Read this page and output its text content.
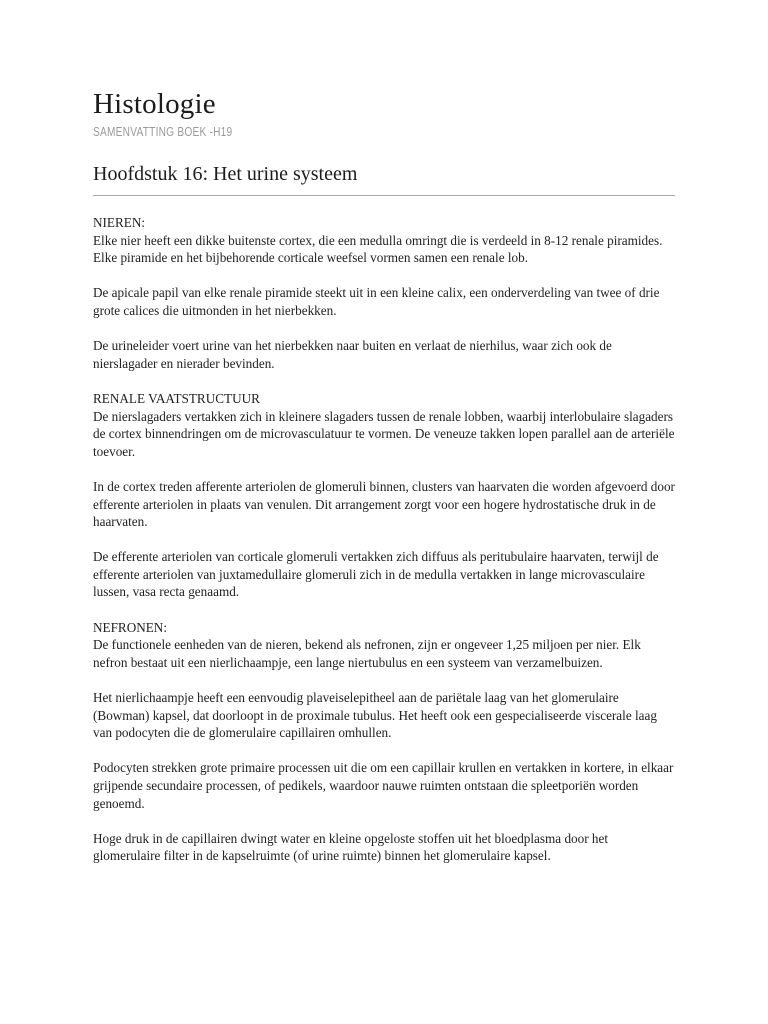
Histologie
SAMENVATTING BOEK -H19
Hoofdstuk 16: Het urine systeem
NIEREN:
Elke nier heeft een dikke buitenste cortex, die een medulla omringt die is verdeeld in 8-12 renale piramides. Elke piramide en het bijbehorende corticale weefsel vormen samen een renale lob.
De apicale papil van elke renale piramide steekt uit in een kleine calix, een onderverdeling van twee of drie grote calices die uitmonden in het nierbekken.
De urineleider voert urine van het nierbekken naar buiten en verlaat de nierhilus, waar zich ook de nierslagader en nierader bevinden.
RENALE VAATSTRUCTUUR
De nierslagaders vertakken zich in kleinere slagaders tussen de renale lobben, waarbij interlobulaire slagaders de cortex binnendringen om de microvasculatuur te vormen. De veneuze takken lopen parallel aan de arteriële toevoer.
In de cortex treden afferente arteriolen de glomeruli binnen, clusters van haarvaten die worden afgevoerd door efferente arteriolen in plaats van venulen. Dit arrangement zorgt voor een hogere hydrostatische druk in de haarvaten.
De efferente arteriolen van corticale glomeruli vertakken zich diffuus als peritubulaire haarvaten, terwijl de efferente arteriolen van juxtamedullaire glomeruli zich in de medulla vertakken in lange microvasculaire lussen, vasa recta genaamd.
NEFRONEN:
De functionele eenheden van de nieren, bekend als nefronen, zijn er ongeveer 1,25 miljoen per nier. Elk nefron bestaat uit een nierlichaampje, een lange niertubulus en een systeem van verzamelbuizen.
Het nierlichaampje heeft een eenvoudig plaveiselepitheel aan de pariëtale laag van het glomerulaire (Bowman) kapsel, dat doorloopt in de proximale tubulus. Het heeft ook een gespecialiseerde viscerale laag van podocyten die de glomerulaire capillairen omhullen.
Podocyten strekken grote primaire processen uit die om een capillair krullen en vertakken in kortere, in elkaar grijpende secundaire processen, of pedikels, waardoor nauwe ruimten ontstaan die spleetporiën worden genoemd.
Hoge druk in de capillairen dwingt water en kleine opgeloste stoffen uit het bloedplasma door het glomerulaire filter in de kapselruimte (of urine ruimte) binnen het glomerulaire kapsel.
